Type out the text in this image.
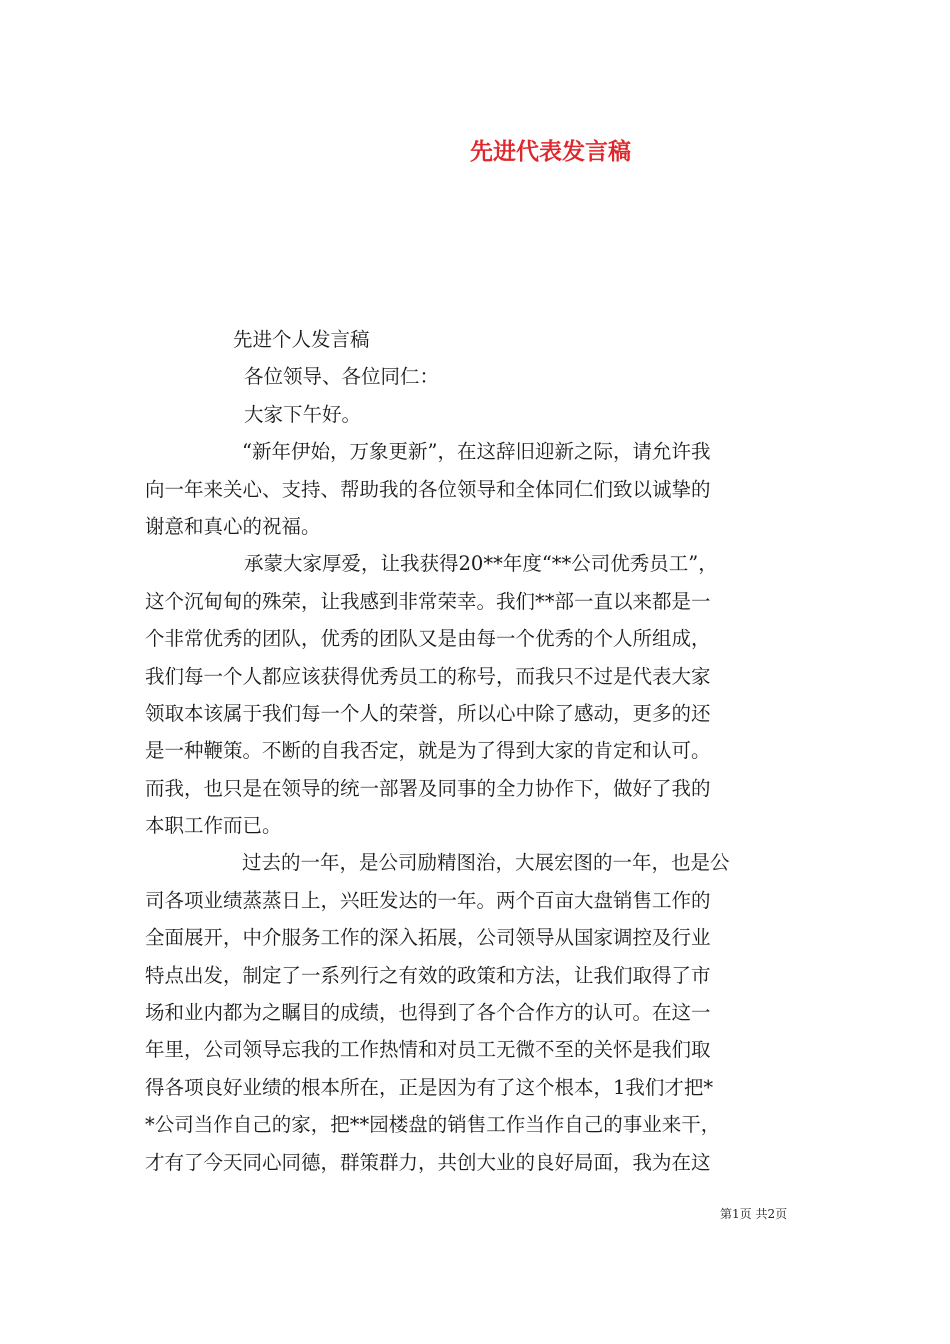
先进代表发言稿
先进个人发言稿
各位领导、各位同仁：
大家下午好。
“新年伊始，万象更新”，在这辞旧迎新之际，请允许我
向一年来关心、支持、帮助我的各位领导和全体同仁们致以诚挚的
谢意和真心的祝福。
承蒙大家厚爱，让我获得20**年度“**公司优秀员工”，
这个沉甸甸的殊荣，让我感到非常荣幸。我们**部一直以来都是一
个非常优秀的团队，优秀的团队又是由每一个优秀的个人所组成，
我们每一个人都应该获得优秀员工的称号，而我只不过是代表大家
领取本该属于我们每一个人的荣誉，所以心中除了感动，更多的还
是一种鞭策。不断的自我否定，就是为了得到大家的肯定和认可。
而我，也只是在领导的统一部署及同事的全力协作下，做好了我的
本职工作而已。
过去的一年，是公司励精图治，大展宏图的一年，也是公
司各项业绩蒸蒸日上，兴旺发达的一年。两个百亩大盘销售工作的
全面展开，中介服务工作的深入拓展，公司领导从国家调控及行业
特点出发，制定了一系列行之有效的政策和方法，让我们取得了市
场和业内都为之瞩目的成绩，也得到了各个合作方的认可。在这一
年里，公司领导忘我的工作热情和对员工无微不至的关怀是我们取
得各项良好业绩的根本所在，正是因为有了这个根本，1我们才把*
*公司当作自己的家，把**园楼盘的销售工作当作自己的事业来干，
才有了今天同心同德，群策群力，共创大业的良好局面，我为在这
第1页 共2页
